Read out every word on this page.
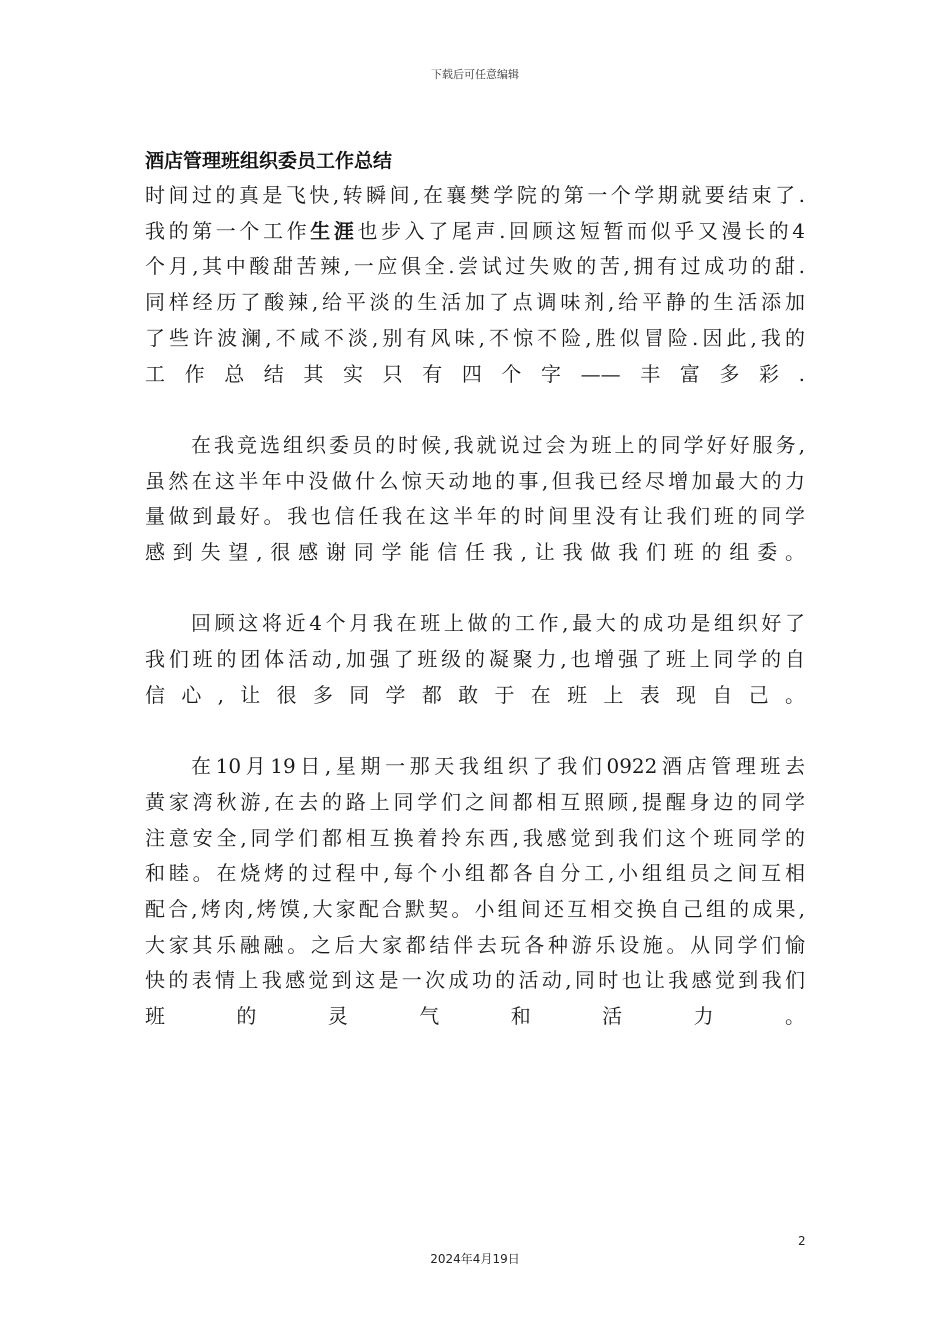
下载后可任意编辑
酒店管理班组织委员工作总结

时间过的真是飞快,转瞬间,在襄樊学院的第一个学期就要结束了.
我的第一个工作生涯也步入了尾声.回顾这短暂而似乎又漫长的4
个月,其中酸甜苦辣,一应俱全.尝试过失败的苦,拥有过成功的甜.
同样经历了酸辣,给平淡的生活加了点调味剂,给平静的生活添加
了些许波澜,不咸不淡,别有风味,不惊不险,胜似冒险.因此,我的
工作总结其实只有四个字——丰富多彩.

在我竞选组织委员的时候,我就说过会为班上的同学好好服务,
虽然在这半年中没做什么惊天动地的事,但我已经尽增加最大的力
量做到最好。我也信任我在这半年的时间里没有让我们班的同学
感到失望,很感谢同学能信任我,让我做我们班的组委。

回顾这将近4个月我在班上做的工作,最大的成功是组织好了
我们班的团体活动,加强了班级的凝聚力,也增强了班上同学的自
信心,让很多同学都敢于在班上表现自己。

在10月19日,星期一那天我组织了我们0922酒店管理班去
黄家湾秋游,在去的路上同学们之间都相互照顾,提醒身边的同学
注意安全,同学们都相互换着拎东西,我感觉到我们这个班同学的
和睦。在烧烤的过程中,每个小组都各自分工,小组组员之间互相
配合,烤肉,烤馍,大家配合默契。小组间还互相交换自己组的成果,
大家其乐融融。之后大家都结伴去玩各种游乐设施。从同学们愉
快的表情上我感觉到这是一次成功的活动,同时也让我感觉到我们
班的灵气和活力。

2
2024年4月19日
